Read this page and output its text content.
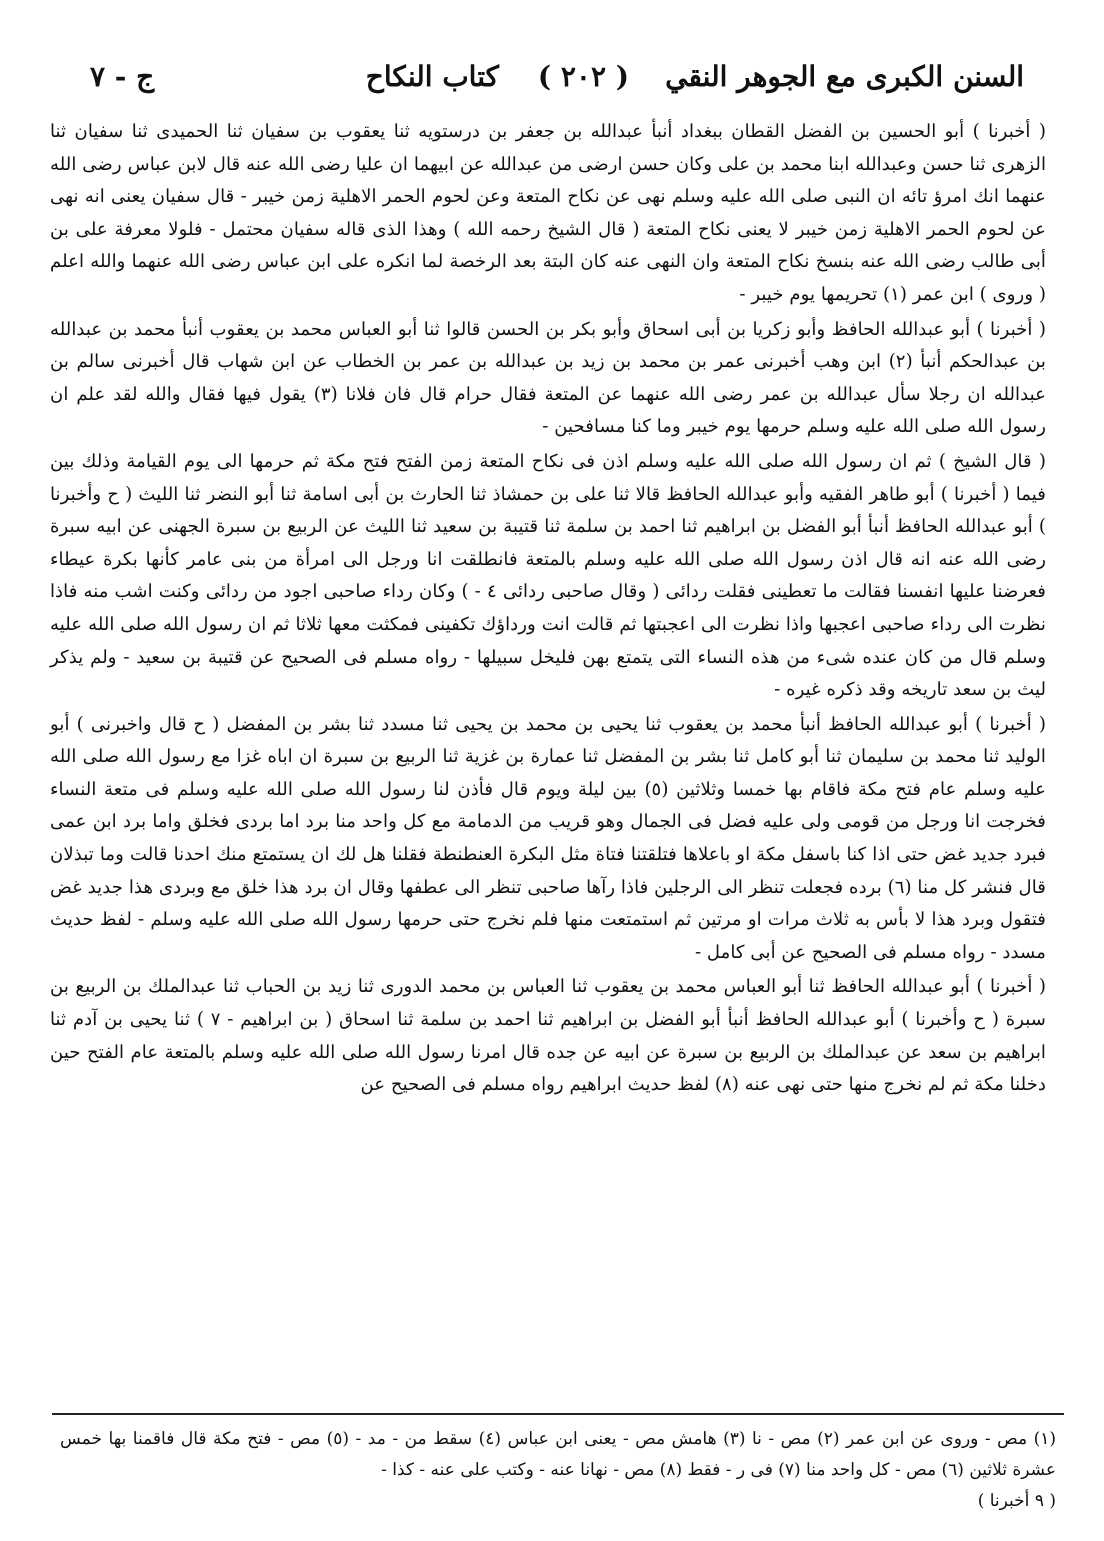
السنن الكبرى مع الجوهر النقي
( ٢٠٢ )
كتاب النكاح
ج - ٧

( أخبرنا ) أبو الحسين بن الفضل القطان ببغداد أنبأ عبدالله بن جعفر بن درستويه ثنا يعقوب بن سفيان ثنا الحميدى ثنا سفيان ثنا الزهرى ثنا حسن وعبدالله ابنا محمد بن على وكان حسن ارضى من عبدالله عن ابيهما ان عليا رضى الله عنه قال لابن عباس رضى الله عنهما انك امرؤ تائه ان النبى صلى الله عليه وسلم نهى عن نكاح المتعة وعن لحوم الحمر الاهلية زمن خيبر - قال سفيان يعنى انه نهى عن لحوم الحمر الاهلية زمن خيبر لا يعنى نكاح المتعة ( قال الشيخ رحمه الله ) وهذا الذى قاله سفيان محتمل - فلولا معرفة على بن أبى طالب رضى الله عنه بنسخ نكاح المتعة وان النهى عنه كان البتة بعد الرخصة لما انكره على ابن عباس رضى الله عنهما والله اعلم ( وروى ) ابن عمر (١) تحريمها يوم خيبر -

( أخبرنا ) أبو عبدالله الحافظ وأبو زكريا بن أبى اسحاق وأبو بكر بن الحسن قالوا ثنا أبو العباس محمد بن يعقوب أنبأ محمد بن عبدالله بن عبدالحكم أنبأ (٢) ابن وهب أخبرنى عمر بن محمد بن زيد بن عبدالله بن عمر بن الخطاب عن ابن شهاب قال أخبرنى سالم بن عبدالله ان رجلا سأل عبدالله بن عمر رضى الله عنهما عن المتعة فقال حرام قال فان فلانا (٣) يقول فيها فقال والله لقد علم ان رسول الله صلى الله عليه وسلم حرمها يوم خيبر وما كنا مسافحين -

( قال الشيخ ) ثم ان رسول الله صلى الله عليه وسلم اذن فى نكاح المتعة زمن الفتح فتح مكة ثم حرمها الى يوم القيامة وذلك بين فيما ( أخبرنا ) أبو طاهر الفقيه وأبو عبدالله الحافظ قالا ثنا على بن حمشاذ ثنا الحارث بن أبى اسامة ثنا أبو النضر ثنا الليث ( ح وأخبرنا ) أبو عبدالله الحافظ أنبأ أبو الفضل بن ابراهيم ثنا احمد بن سلمة ثنا قتيبة بن سعيد ثنا الليث عن الربيع بن سبرة الجهنى عن ابيه سبرة رضى الله عنه انه قال اذن رسول الله صلى الله عليه وسلم بالمتعة فانطلقت انا ورجل الى امرأة من بنى عامر كأنها بكرة عيطاء فعرضنا عليها انفسنا فقالت ما تعطينى فقلت ردائى ( وقال صاحبى ردائى ٤ - ) وكان رداء صاحبى اجود من ردائى وكنت اشب منه فاذا نظرت الى رداء صاحبى اعجبها واذا نظرت الى اعجبتها ثم قالت انت ورداؤك تكفينى فمكثت معها ثلاثا ثم ان رسول الله صلى الله عليه وسلم قال من كان عنده شىء من هذه النساء التى يتمتع بهن فليخل سبيلها - رواه مسلم فى الصحيح عن قتيبة بن سعيد - ولم يذكر ليث بن سعد تاريخه وقد ذكره غيره -

( أخبرنا ) أبو عبدالله الحافظ أنبأ محمد بن يعقوب ثنا يحيى بن محمد بن يحيى ثنا مسدد ثنا بشر بن المفضل ( ح قال واخبرنى ) أبو الوليد ثنا محمد بن سليمان ثنا أبو كامل ثنا بشر بن المفضل ثنا عمارة بن غزية ثنا الربيع بن سبرة ان اباه غزا مع رسول الله صلى الله عليه وسلم عام فتح مكة فاقام بها خمسا وثلاثين (٥) بين ليلة ويوم قال فأذن لنا رسول الله صلى الله عليه وسلم فى متعة النساء فخرجت انا ورجل من قومى ولى عليه فضل فى الجمال وهو قريب من الدمامة مع كل واحد منا برد اما بردى فخلق واما برد ابن عمى فبرد جديد غض حتى اذا كنا باسفل مكة او باعلاها فتلقتنا فتاة مثل البكرة العنطنطة فقلنا هل لك ان يستمتع منك احدنا قالت وما تبذلان قال فنشر كل منا (٦) برده فجعلت تنظر الى الرجلين فاذا رآها صاحبى تنظر الى عطفها وقال ان برد هذا خلق مع وبردى هذا جديد غض فتقول وبرد هذا لا بأس به ثلاث مرات او مرتين ثم استمتعت منها فلم نخرج حتى حرمها رسول الله صلى الله عليه وسلم - لفظ حديث مسدد - رواه مسلم فى الصحيح عن أبى كامل -

( أخبرنا ) أبو عبدالله الحافظ ثنا أبو العباس محمد بن يعقوب ثنا العباس بن محمد الدورى ثنا زيد بن الحباب ثنا عبدالملك بن الربيع بن سبرة ( ح وأخبرنا ) أبو عبدالله الحافظ أنبأ أبو الفضل بن ابراهيم ثنا احمد بن سلمة ثنا اسحاق ( بن ابراهيم - ٧ ) ثنا يحيى بن آدم ثنا ابراهيم بن سعد عن عبدالملك بن الربيع بن سبرة عن ابيه عن جده قال امرنا رسول الله صلى الله عليه وسلم بالمتعة عام الفتح حين دخلنا مكة ثم لم نخرج منها حتى نهى عنه (٨) لفظ حديث ابراهيم رواه مسلم فى الصحيح عن

(١) مص - وروى عن ابن عمر (٢) مص - نا (٣) هامش مص - يعنى ابن عباس (٤) سقط من - مد - (٥) مص - فتح مكة قال فاقمنا بها خمس عشرة ثلاثين (٦) مص - كل واحد منا (٧) فى ر - فقط (٨) مص - نهانا عنه - وكتب على عنه - كذا -

( ٩ أخبرنا )
